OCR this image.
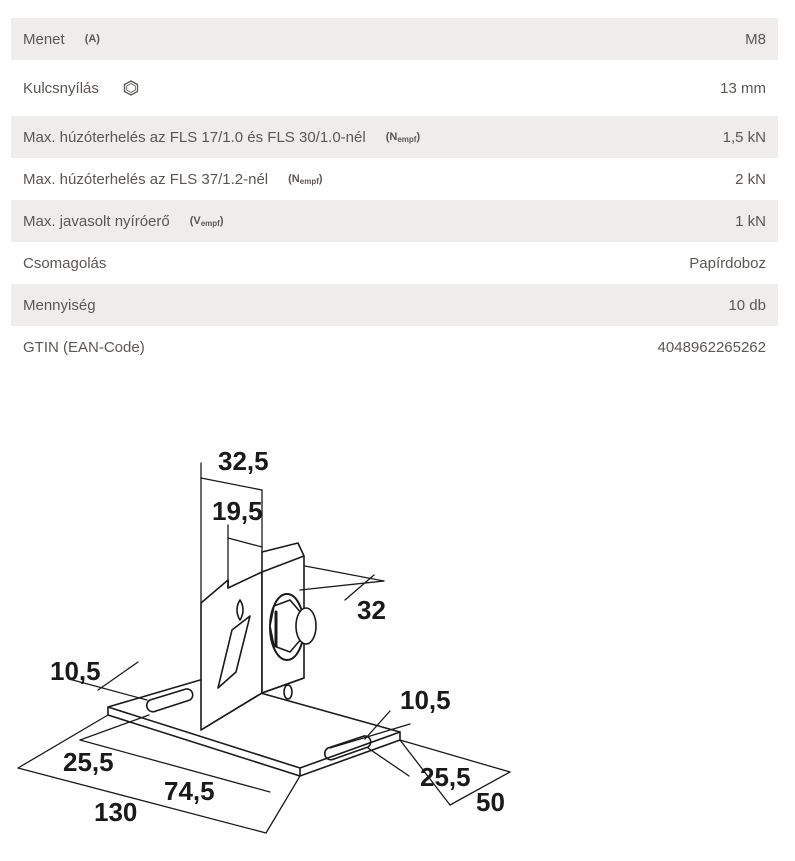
Menet (A)	M8
Kulcsnyílás	13 mm
Max. húzóterhelés az FLS 17/1.0 és FLS 30/1.0-nél $(N_{empf})$	1,5 kN
Max. húzóterhelés az FLS 37/1.2-nél $(N_{empf})$	2 kN
Max. javasolt nyíróerő $(V_{empf})$	1 kN
Csomagolás	Papírdoboz
Mennyiség	10 db
GTIN (EAN-Code)	4048962265262
32,5
19,5
32
10,5
10,5
25,5
74,5	25,5
130	50
